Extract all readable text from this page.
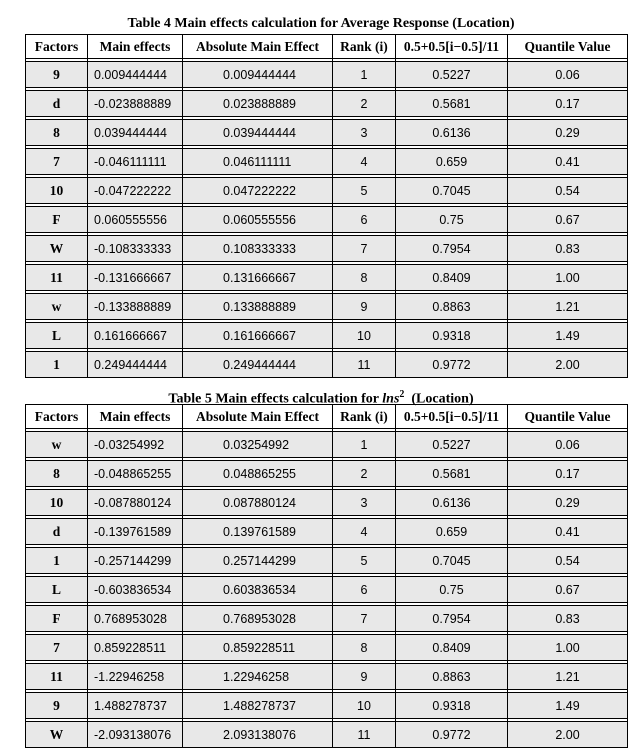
Table 4 Main effects calculation for Average Response (Location)
Factors	Main effects	Absolute Main Effect	Rank (i)	0.5+0.5[i−0.5]/11	Quantile Value

9	0.009444444	0.009444444	1	0.5227	0.06

d	-0.023888889	0.023888889	2	0.5681	0.17

8	0.039444444	0.039444444	3	0.6136	0.29

7	-0.046111111	0.046111111	4	0.659	0.41

10	-0.047222222	0.047222222	5	0.7045	0.54

F	0.060555556	0.060555556	6	0.75	0.67

W	-0.108333333	0.108333333	7	0.7954	0.83

11	-0.131666667	0.131666667	8	0.8409	1.00

w	-0.133888889	0.133888889	9	0.8863	1.21

L	0.161666667	0.161666667	10	0.9318	1.49

1	0.249444444	0.249444444	11	0.9772	2.00
Table 5 Main effects calculation for lns$^2$  (Location)
Factors	Main effects	Absolute Main Effect	Rank (i)	0.5+0.5[i−0.5]/11	Quantile Value

w	-0.03254992	0.03254992	1	0.5227	0.06

8	-0.048865255	0.048865255	2	0.5681	0.17

10	-0.087880124	0.087880124	3	0.6136	0.29

d	-0.139761589	0.139761589	4	0.659	0.41

1	-0.257144299	0.257144299	5	0.7045	0.54

L	-0.603836534	0.603836534	6	0.75	0.67

F	0.768953028	0.768953028	7	0.7954	0.83

7	0.859228511	0.859228511	8	0.8409	1.00

11	-1.22946258	1.22946258	9	0.8863	1.21

9	1.488278737	1.488278737	10	0.9318	1.49

W	-2.093138076	2.093138076	11	0.9772	2.00
